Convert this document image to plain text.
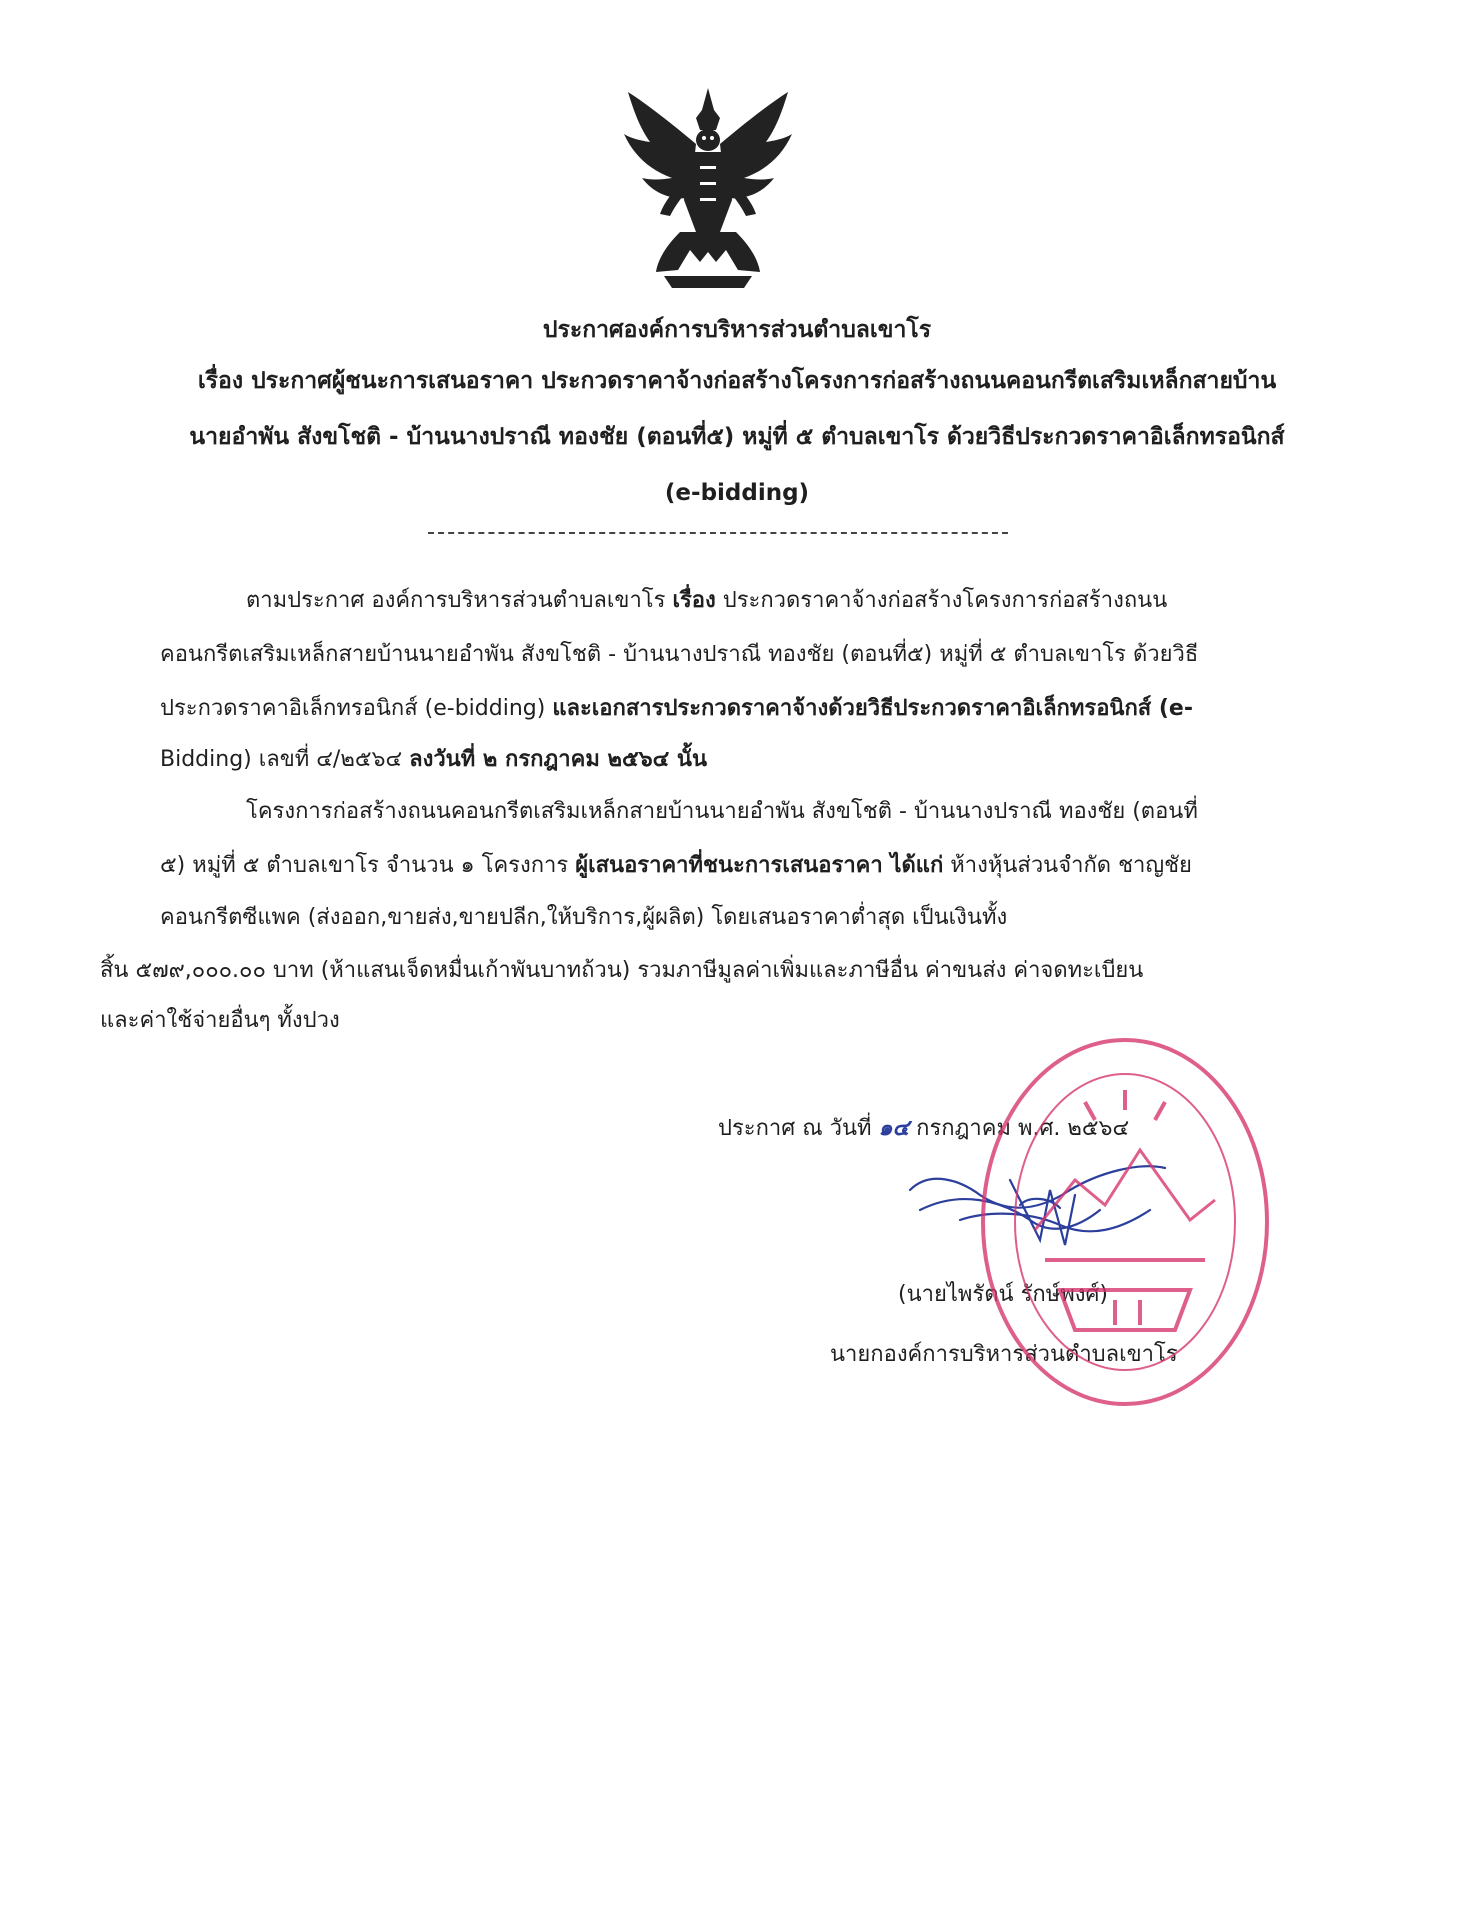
ประกาศองค์การบริหารส่วนตำบลเขาโร
เรื่อง ประกาศผู้ชนะการเสนอราคา ประกวดราคาจ้างก่อสร้างโครงการก่อสร้างถนนคอนกรีตเสริมเหล็กสายบ้าน
นายอำพัน สังขโชติ - บ้านนางปราณี ทองชัย (ตอนที่๕) หมู่ที่ ๕ ตำบลเขาโร ด้วยวิธีประกวดราคาอิเล็กทรอนิกส์
(e-bidding)
ตามประกาศ องค์การบริหารส่วนตำบลเขาโร เรื่อง ประกวดราคาจ้างก่อสร้างโครงการก่อสร้างถนน
คอนกรีตเสริมเหล็กสายบ้านนายอำพัน สังขโชติ - บ้านนางปราณี ทองชัย (ตอนที่๕) หมู่ที่ ๕ ตำบลเขาโร ด้วยวิธี
ประกวดราคาอิเล็กทรอนิกส์ (e-bidding) และเอกสารประกวดราคาจ้างด้วยวิธีประกวดราคาอิเล็กทรอนิกส์ (e-
Bidding) เลขที่ ๔/๒๕๖๔ ลงวันที่ ๒ กรกฎาคม ๒๕๖๔ นั้น
โครงการก่อสร้างถนนคอนกรีตเสริมเหล็กสายบ้านนายอำพัน สังขโชติ - บ้านนางปราณี ทองชัย (ตอนที่
๕) หมู่ที่ ๕ ตำบลเขาโร จำนวน ๑ โครงการ ผู้เสนอราคาที่ชนะการเสนอราคา ได้แก่ ห้างหุ้นส่วนจำกัด ชาญชัย
คอนกรีตซีแพค (ส่งออก,ขายส่ง,ขายปลีก,ให้บริการ,ผู้ผลิต) โดยเสนอราคาต่ำสุด เป็นเงินทั้ง
สิ้น ๕๗๙,๐๐๐.๐๐ บาท (ห้าแสนเจ็ดหมื่นเก้าพันบาทถ้วน) รวมภาษีมูลค่าเพิ่มและภาษีอื่น ค่าขนส่ง ค่าจดทะเบียน
และค่าใช้จ่ายอื่นๆ ทั้งปวง
ประกาศ ณ วันที่ ๑๔ กรกฎาคม พ.ศ. ๒๕๖๔
(นายไพรัตน์ รักษ์พงศ์)
นายกองค์การบริหารส่วนตำบลเขาโร
